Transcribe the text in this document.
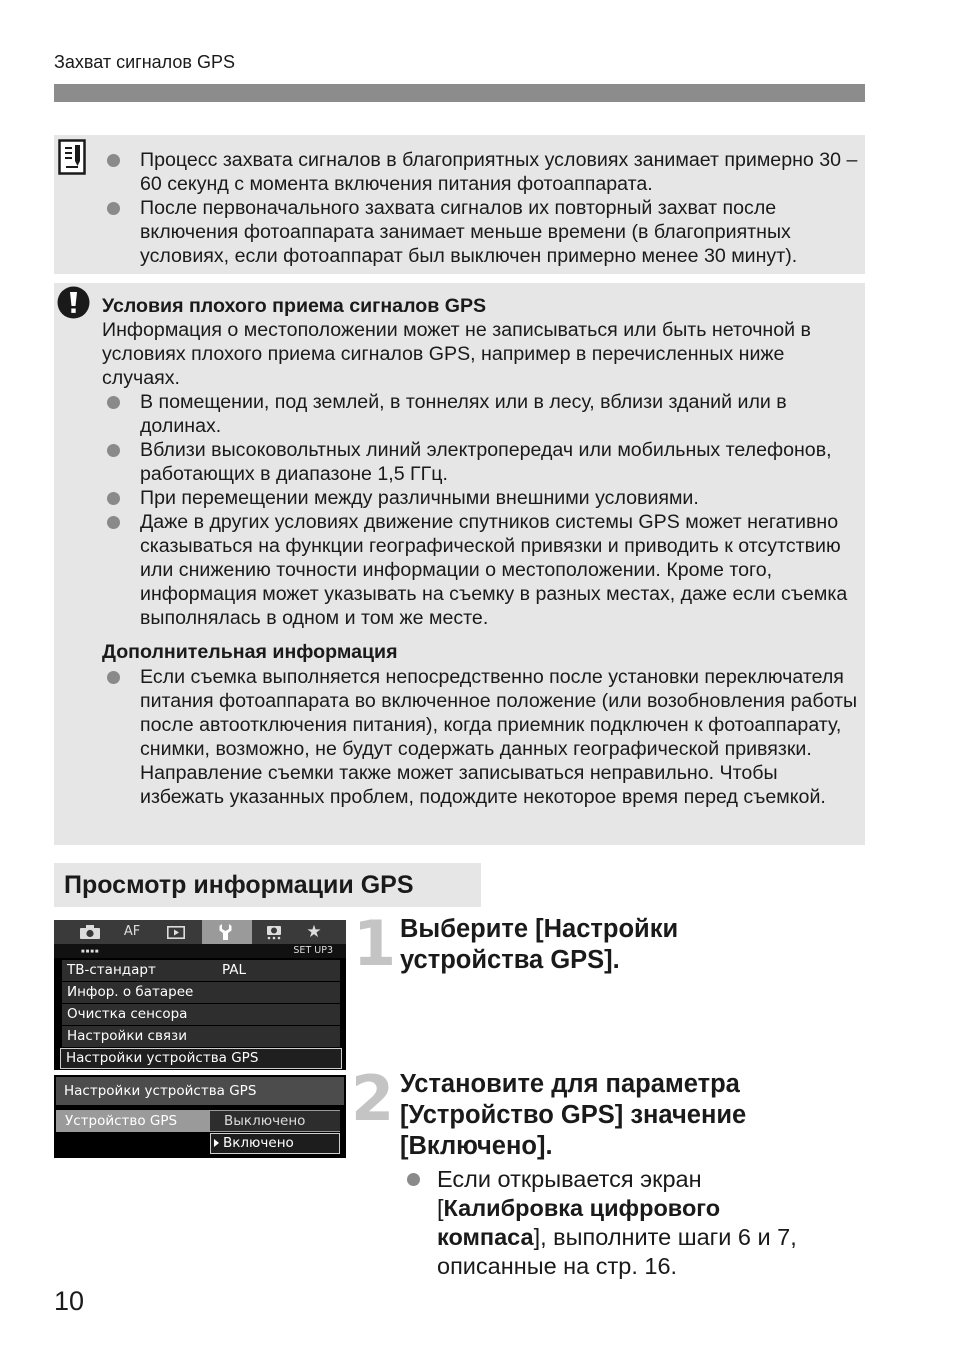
Захват сигналов GPS
Процесс захвата сигналов в благоприятных условиях занимает примерно 30 – 60 секунд с момента включения питания фотоаппарата.
После первоначального захвата сигналов их повторный захват после включения фотоаппарата занимает меньше времени (в благоприятных условиях, если фотоаппарат был выключен примерно менее 30 минут).
Условия плохого приема сигналов GPS
Информация о местоположении может не записываться или быть неточной в условиях плохого приема сигналов GPS, например в перечисленных ниже случаях.
В помещении, под землей, в тоннелях или в лесу, вблизи зданий или в долинах.
Вблизи высоковольтных линий электропередач или мобильных телефонов, работающих в диапазоне 1,5 ГГц.
При перемещении между различными внешними условиями.
Даже в других условиях движение спутников системы GPS может негативно сказываться на функции географической привязки и приводить к отсутствию или снижению точности информации о местоположении. Кроме того, информация может указывать на съемку в разных местах, даже если съемка выполнялась в одном и том же месте.
Дополнительная информация
Если съемка выполняется непосредственно после установки переключателя питания фотоаппарата во включенное положение (или возобновления работы после автоотключения питания), когда приемник подключен к фотоаппарату, снимки, возможно, не будут содержать данных географической привязки. Направление съемки также может записываться неправильно. Чтобы избежать указанных проблем, подождите некоторое время перед съемкой.
Просмотр информации GPS
AF	★
■■■■	SET UP3
ТВ-стандарт	PAL
Инфор. о батарее
Очистка сенсора
Настройки связи
Настройки устройства GPS
Настройки устройства GPS
Устройство GPS	Выключено
Включено
1 Выберите [Настройки устройства GPS].
2 Установите для параметра [Устройство GPS] значение [Включено].
Если открывается экран [Калибровка цифрового компаса], выполните шаги 6 и 7, описанные на стр. 16.
10
